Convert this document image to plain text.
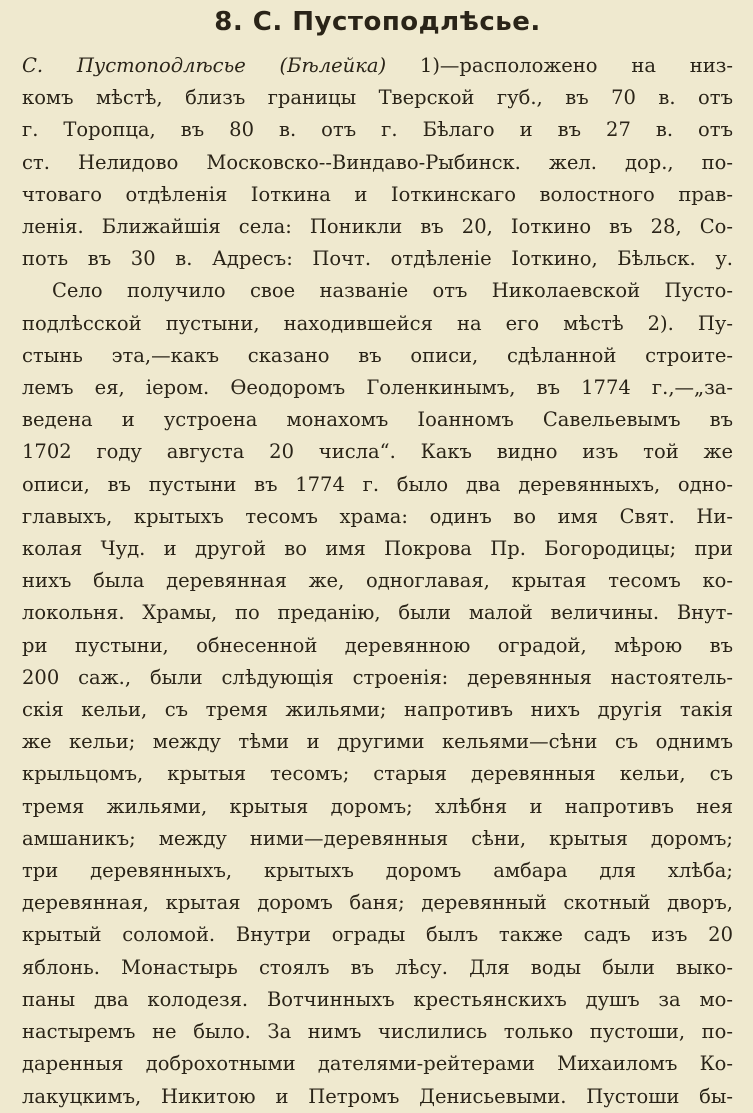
8. С. Пустоподлѣсье.
С. Пустоподлѣсье (Бѣлейка) 1)—расположено на низ-
комъ мѣстѣ, близъ границы Тверской губ., въ 70 в. отъ
г. Торопца, въ 80 в. отъ г. Бѣлаго и въ 27 в. отъ
ст. Нелидово Московско--Виндаво-Рыбинск. жел. дор., по-
чтоваго отдѣленія Іоткина и Іоткинскаго волостного прав-
ленія. Ближайшія села: Поникли въ 20, Іоткино въ 28, Со-
поть въ 30 в. Адресъ: Почт. отдѣленіе Іоткино, Бѣльск. у.
Село получило свое названіе отъ Николаевской Пусто-
подлѣсской пустыни, находившейся на его мѣстѣ 2). Пу-
стынь эта,—какъ сказано въ описи, сдѣланной строите-
лемъ ея, іером. Ѳеодоромъ Голенкинымъ, въ 1774 г.,—„за-
ведена и устроена монахомъ Іоанномъ Савельевымъ въ
1702 году августа 20 числа“. Какъ видно изъ той же
описи, въ пустыни въ 1774 г. было два деревянныхъ, одно-
главыхъ, крытыхъ тесомъ храма: одинъ во имя Свят. Ни-
колая Чуд. и другой во имя Покрова Пр. Богородицы; при
нихъ была деревянная же, одноглавая, крытая тесомъ ко-
локольня. Храмы, по преданію, были малой величины. Внут-
ри пустыни, обнесенной деревянною оградой, мѣрою въ
200 саж., были слѣдующія строенія: деревянныя настоятель-
скія кельи, съ тремя жильями; напротивъ нихъ другія такія
же кельи; между тѣми и другими кельями—сѣни съ однимъ
крыльцомъ, крытыя тесомъ; старыя деревянныя кельи, съ
тремя жильями, крытыя доромъ; хлѣбня и напротивъ нея
амшаникъ; между ними—деревянныя сѣни, крытыя доромъ;
три деревянныхъ, крытыхъ доромъ амбара для хлѣба;
деревянная, крытая доромъ баня; деревянный скотный дворъ,
крытый соломой. Внутри ограды былъ также садъ изъ 20
яблонь. Монастырь стоялъ въ лѣсу. Для воды были выко-
паны два колодезя. Вотчинныхъ крестьянскихъ душъ за мо-
настыремъ не было. За нимъ числились только пустоши, по-
даренныя доброхотными дателями-рейтерами Михаиломъ Ко-
лакуцкимъ, Никитою и Петромъ Денисьевыми. Пустоши бы-
